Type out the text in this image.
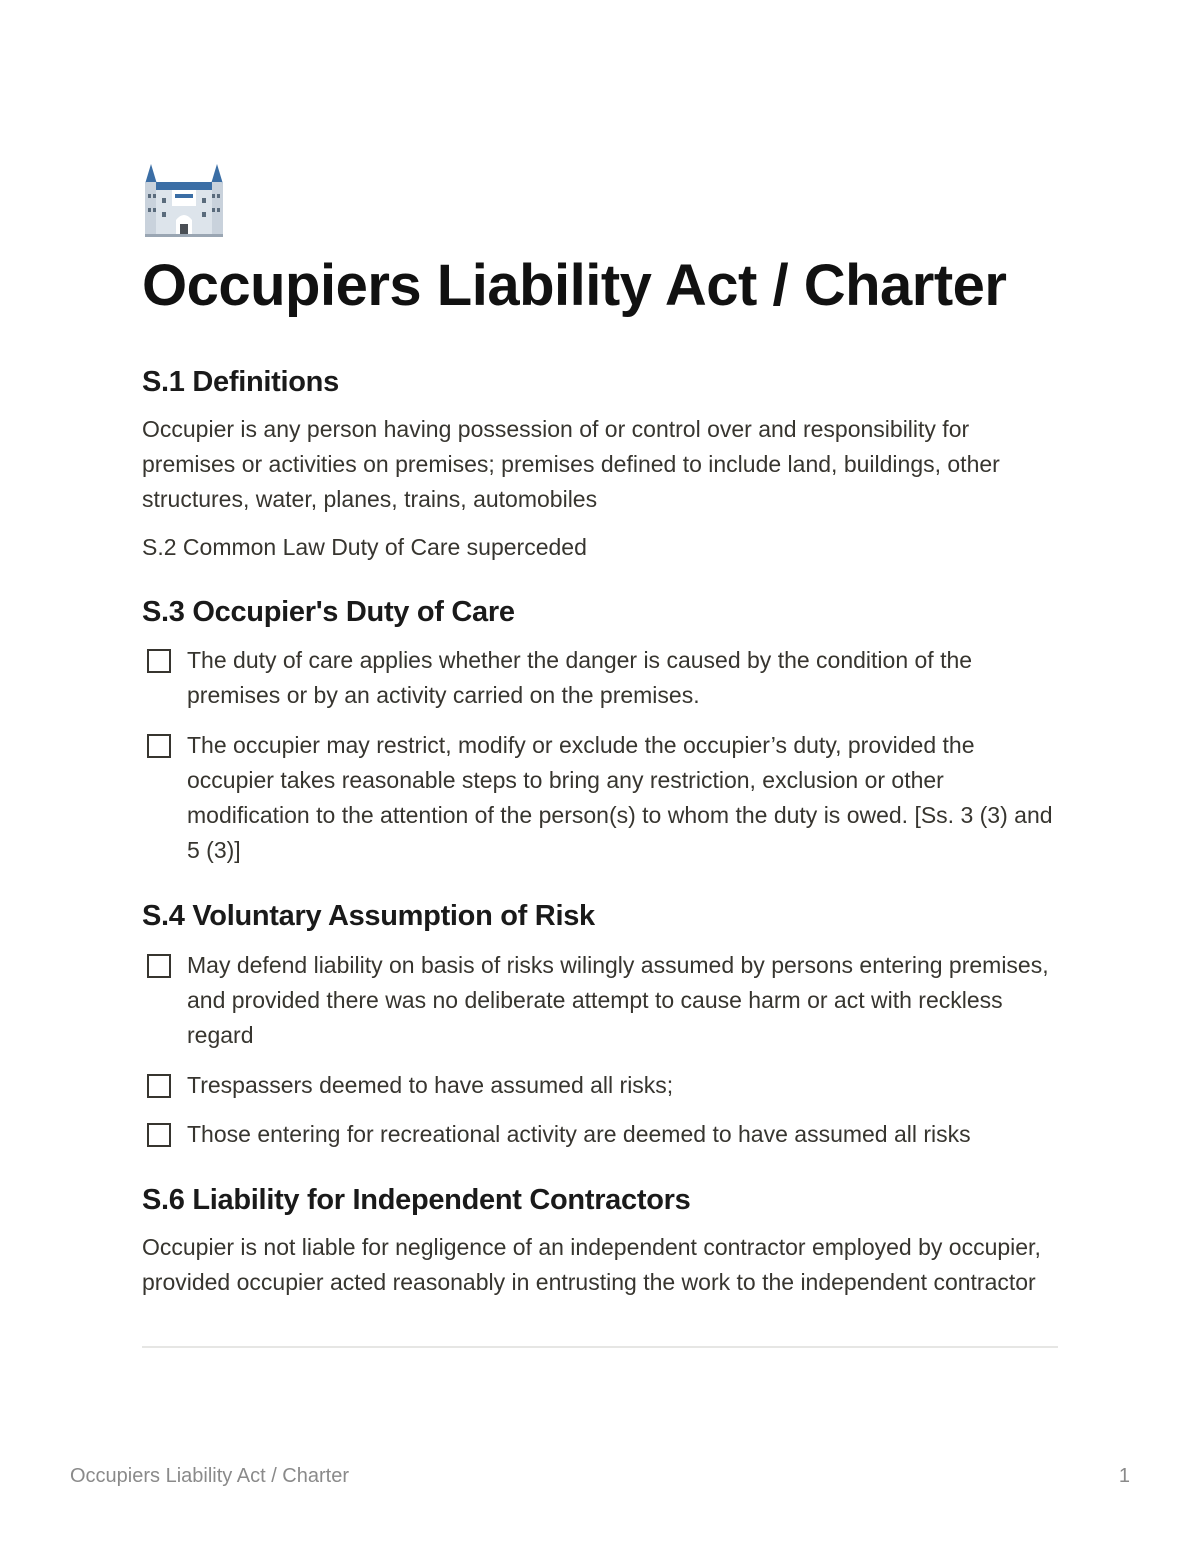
Occupiers Liability Act / Charter
S.1 Definitions

Occupier is any person having possession of or control over and responsibility for premises or activities on premises; premises defined to include land, buildings, other structures, water, planes, trains, automobiles

S.2 Common Law Duty of Care superceded

S.3 Occupier's Duty of Care
The duty of care applies whether the danger is caused by the condition of the premises or by an activity carried on the premises.
The occupier may restrict, modify or exclude the occupier’s duty, provided the occupier takes reasonable steps to bring any restriction, exclusion or other modification to the attention of the person(s) to whom the duty is owed. [Ss. 3 (3) and 5 (3)]
S.4 Voluntary Assumption of Risk
May defend liability on basis of risks wilingly assumed by persons entering premises, and provided there was no deliberate attempt to cause harm or act with reckless regard
Trespassers deemed to have assumed all risks;
Those entering for recreational activity are deemed to have assumed all risks
S.6 Liability for Independent Contractors

Occupier is not liable for negligence of an independent contractor employed by occupier, provided occupier acted reasonably in entrusting the work to the independent contractor

Occupiers Liability Act / Charter	1
